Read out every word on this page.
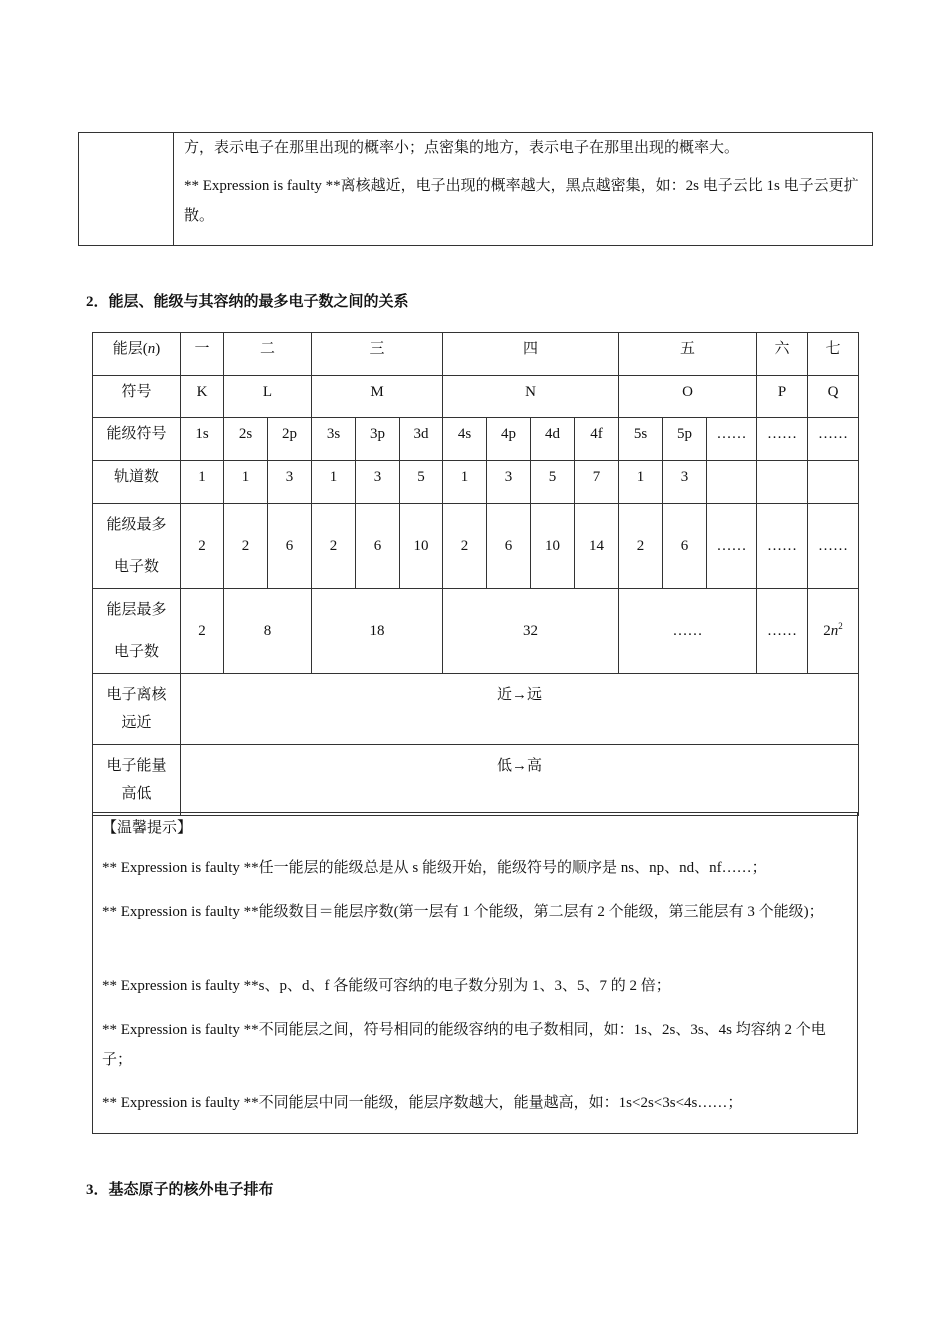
方，表示电子在那里出现的概率小；点密集的地方，表示电子在那里出现的概率大。

** Expression is faulty **离核越近，电子出现的概率越大，黑点越密集，如：2s 电子云比 1s 电子云更扩散。

2．能层、能级与其容纳的最多电子数之间的关系
能层(n)	一	二		三			四				五			六	七
符号	K	L		M			N				O			P	Q
能级符号	1s	2s	2p	3s	3p	3d	4s	4p	4d	4f	5s	5p	……	……	……
轨道数	1	1	3	1	3	5	1	3	5	7	1	3			

能级最多电子数	2	2	6	2	6	10	2	6	10	14	2	6	……	……	……

能层最多电子数	2	8		18			32				……			……	$2n^2$

电子离核远近	近→远														

电子能量高低	低→高														

【温馨提示】

** Expression is faulty **任一能层的能级总是从 s 能级开始，能级符号的顺序是 ns、np、nd、nf……；

** Expression is faulty **能级数目＝能层序数(第一层有 1 个能级，第二层有 2 个能级，第三能层有 3 个能级)；

** Expression is faulty **s、p、d、f 各能级可容纳的电子数分别为 1、3、5、7 的 2 倍；

** Expression is faulty **不同能层之间，符号相同的能级容纳的电子数相同，如：1s、2s、3s、4s 均容纳 2 个电子；

** Expression is faulty **不同能层中同一能级，能层序数越大，能量越高，如：1s<2s<3s<4s……；

3．基态原子的核外电子排布
